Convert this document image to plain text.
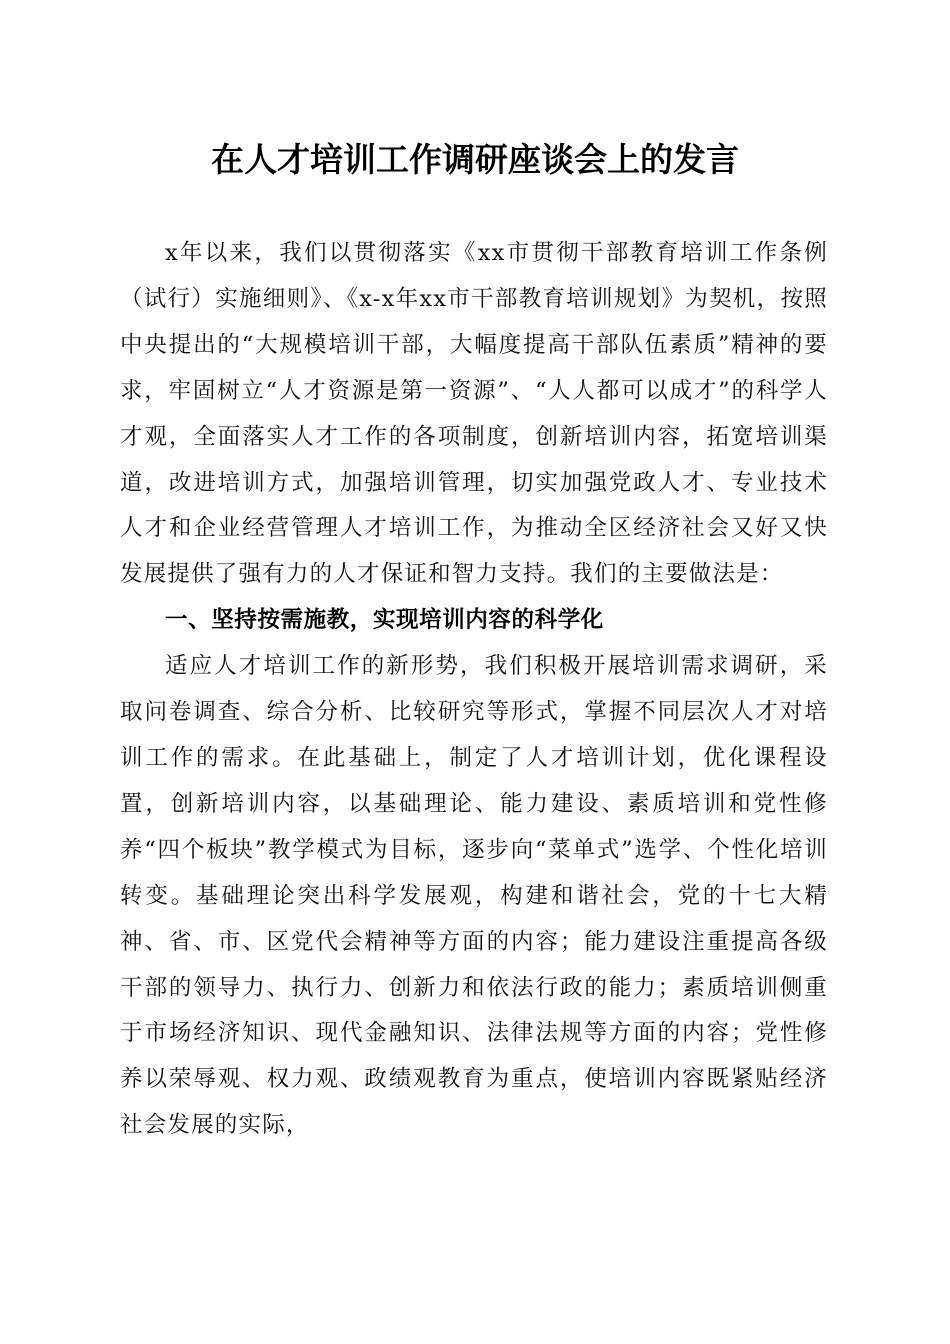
在人才培训工作调研座谈会上的发言

x年以来，我们以贯彻落实《xx市贯彻干部教育培训工作条例（试行）实施细则》、《x-x年xx市干部教育培训规划》为契机，按照中央提出的“大规模培训干部，大幅度提高干部队伍素质”精神的要求，牢固树立“人才资源是第一资源”、“人人都可以成才”的科学人才观，全面落实人才工作的各项制度，创新培训内容，拓宽培训渠道，改进培训方式，加强培训管理，切实加强党政人才、专业技术人才和企业经营管理人才培训工作，为推动全区经济社会又好又快发展提供了强有力的人才保证和智力支持。我们的主要做法是：

一、坚持按需施教，实现培训内容的科学化

适应人才培训工作的新形势，我们积极开展培训需求调研，采取问卷调查、综合分析、比较研究等形式，掌握不同层次人才对培训工作的需求。在此基础上，制定了人才培训计划，优化课程设置，创新培训内容，以基础理论、能力建设、素质培训和党性修养“四个板块”教学模式为目标，逐步向“菜单式”选学、个性化培训转变。基础理论突出科学发展观，构建和谐社会，党的十七大精神、省、市、区党代会精神等方面的内容；能力建设注重提高各级干部的领导力、执行力、创新力和依法行政的能力；素质培训侧重于市场经济知识、现代金融知识、法律法规等方面的内容；党性修养以荣辱观、权力观、政绩观教育为重点，使培训内容既紧贴经济社会发展的实际，
